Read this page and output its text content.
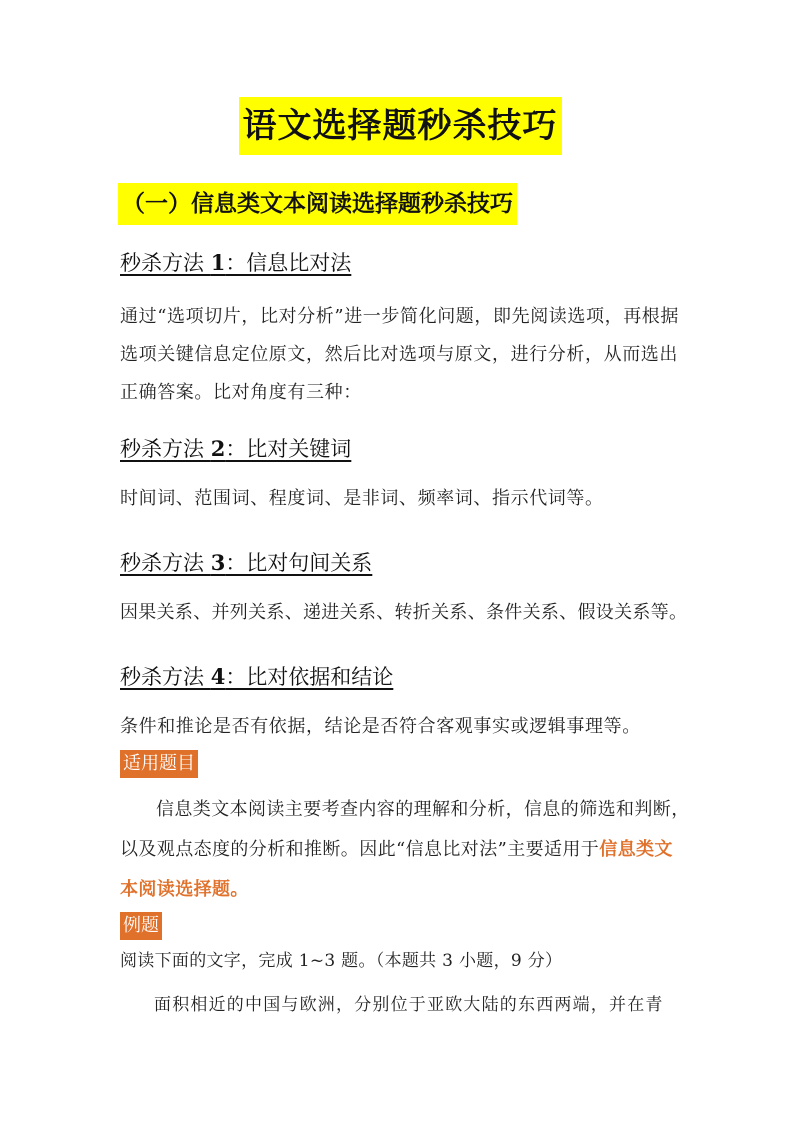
语文选择题秒杀技巧
（一）信息类文本阅读选择题秒杀技巧
秒杀方法 1：信息比对法
通过“选项切片，比对分析”进一步简化问题，即先阅读选项，再根据选项关键信息定位原文，然后比对选项与原文，进行分析，从而选出正确答案。比对角度有三种：
秒杀方法 2：比对关键词
时间词、范围词、程度词、是非词、频率词、指示代词等。
秒杀方法 3：比对句间关系
因果关系、并列关系、递进关系、转折关系、条件关系、假设关系等。
秒杀方法 4：比对依据和结论
条件和推论是否有依据，结论是否符合客观事实或逻辑事理等。
适用题目
信息类文本阅读主要考查内容的理解和分析，信息的筛选和判断，以及观点态度的分析和推断。因此“信息比对法”主要适用于信息类文本阅读选择题。
例题
阅读下面的文字，完成 1~3 题。（本题共 3 小题，9 分）
面积相近的中国与欧洲，分别位于亚欧大陆的东西两端，并在青
